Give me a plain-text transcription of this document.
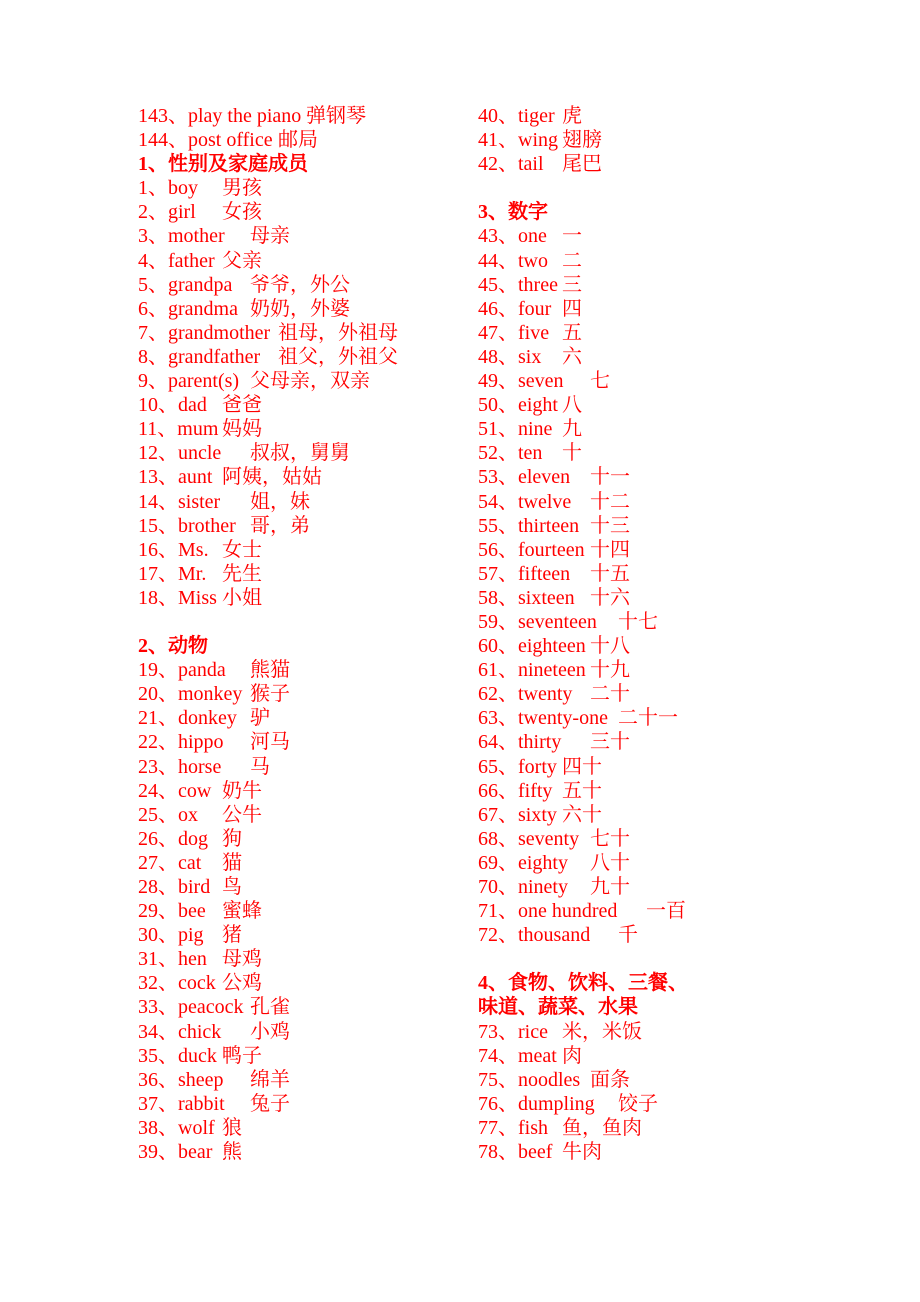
143、play the piano	弹钢琴
144、post office	邮局
1、性别及家庭成员
1、boy	男孩
2、girl	女孩
3、mother	母亲
4、father	父亲
5、grandpa	爷爷，外公
6、grandma	奶奶，外婆
7、grandmother	祖母，外祖母
8、grandfather	祖父，外祖父
9、parent(s)	父母亲，双亲
10、dad	爸爸
11、mum	妈妈
12、uncle	叔叔，舅舅
13、aunt	阿姨，姑姑
14、sister	姐，妹
15、brother	哥，弟
16、Ms.	女士
17、Mr.	先生
18、Miss	小姐

2、动物
19、panda	熊猫
20、monkey	猴子
21、donkey	驴
22、hippo	河马
23、horse	马
24、cow	奶牛
25、ox	公牛
26、dog	狗
27、cat	猫
28、bird	鸟
29、bee	蜜蜂
30、pig	猪
31、hen	母鸡
32、cock	公鸡
33、peacock	孔雀
34、chick	小鸡
35、duck	鸭子
36、sheep	绵羊
37、rabbit	兔子
38、wolf	狼
39、bear	熊
40、tiger	虎
41、wing	翅膀
42、tail	尾巴

3、数字
43、one	一
44、two	二
45、three	三
46、four	四
47、five	五
48、six	六
49、seven	七
50、eight	八
51、nine	九
52、ten	十
53、eleven	十一
54、twelve	十二
55、thirteen	十三
56、fourteen	十四
57、fifteen	十五
58、sixteen	十六
59、seventeen	十七
60、eighteen	十八
61、nineteen	十九
62、twenty	二十
63、twenty-one	二十一
64、thirty	三十
65、forty	四十
66、fifty	五十
67、sixty	六十
68、seventy	七十
69、eighty	八十
70、ninety	九十
71、one hundred	一百
72、thousand	千

4、食物、饮料、三餐、
味道、蔬菜、水果
73、rice	米，米饭
74、meat	肉
75、noodles	面条
76、dumpling	饺子
77、fish	鱼，鱼肉
78、beef	牛肉
